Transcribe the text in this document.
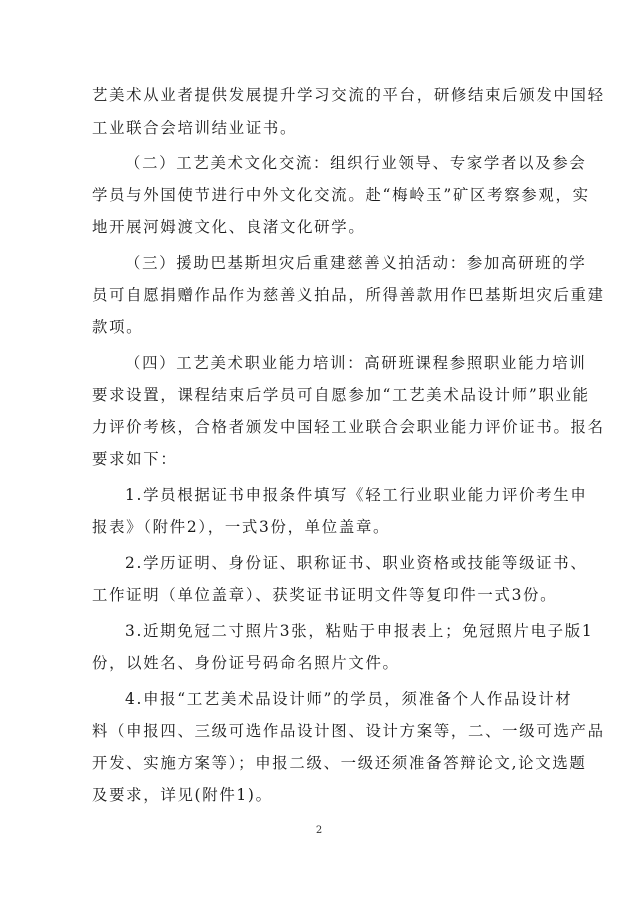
艺美术从业者提供发展提升学习交流的平台，研修结束后颁发中国轻
工业联合会培训结业证书。
（二）工艺美术文化交流：组织行业领导、专家学者以及参会
学员与外国使节进行中外文化交流。赴“梅岭玉”矿区考察参观，实
地开展河姆渡文化、良渚文化研学。
（三）援助巴基斯坦灾后重建慈善义拍活动：参加高研班的学
员可自愿捐赠作品作为慈善义拍品，所得善款用作巴基斯坦灾后重建
款项。
（四）工艺美术职业能力培训：高研班课程参照职业能力培训
要求设置，课程结束后学员可自愿参加“工艺美术品设计师”职业能
力评价考核，合格者颁发中国轻工业联合会职业能力评价证书。报名
要求如下：
1.学员根据证书申报条件填写《轻工行业职业能力评价考生申
报表》（附件2），一式3份，单位盖章。
2.学历证明、身份证、职称证书、职业资格或技能等级证书、
工作证明（单位盖章）、获奖证书证明文件等复印件一式3份。
3.近期免冠二寸照片3张，粘贴于申报表上；免冠照片电子版1
份，以姓名、身份证号码命名照片文件。
4.申报“工艺美术品设计师”的学员，须准备个人作品设计材
料（申报四、三级可选作品设计图、设计方案等，二、一级可选产品
开发、实施方案等）；申报二级、一级还须准备答辩论文,论文选题
及要求，详见(附件1)。
2
